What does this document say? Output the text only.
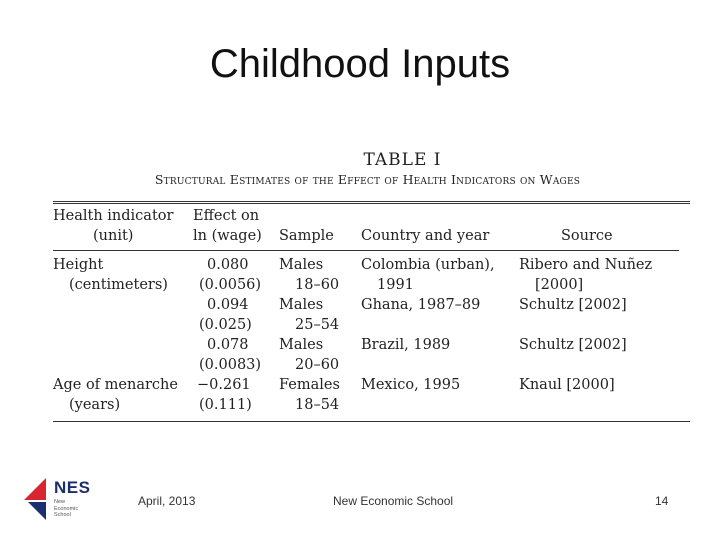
Childhood Inputs
TABLE I
Structural Estimates of the Effect of Health Indicators on Wages
Health indicator	Effect on			
(unit)	ln (wage)	Sample	Country and year	Source

Height	0.080	Males	Colombia (urban),	Ribero and Nuñez
(centimeters)	(0.0056)	18–60	1991	[2000]
	0.094	Males	Ghana, 1987–89	Schultz [2002]
	(0.025)	25–54		
	0.078	Males	Brazil, 1989	Schultz [2002]
	(0.0083)	20–60		
Age of menarche	−0.261	Females	Mexico, 1995	Knaul [2000]
(years)	(0.111)	18–54		
NES
New
Economic
School
April, 2013	New Economic School	14
